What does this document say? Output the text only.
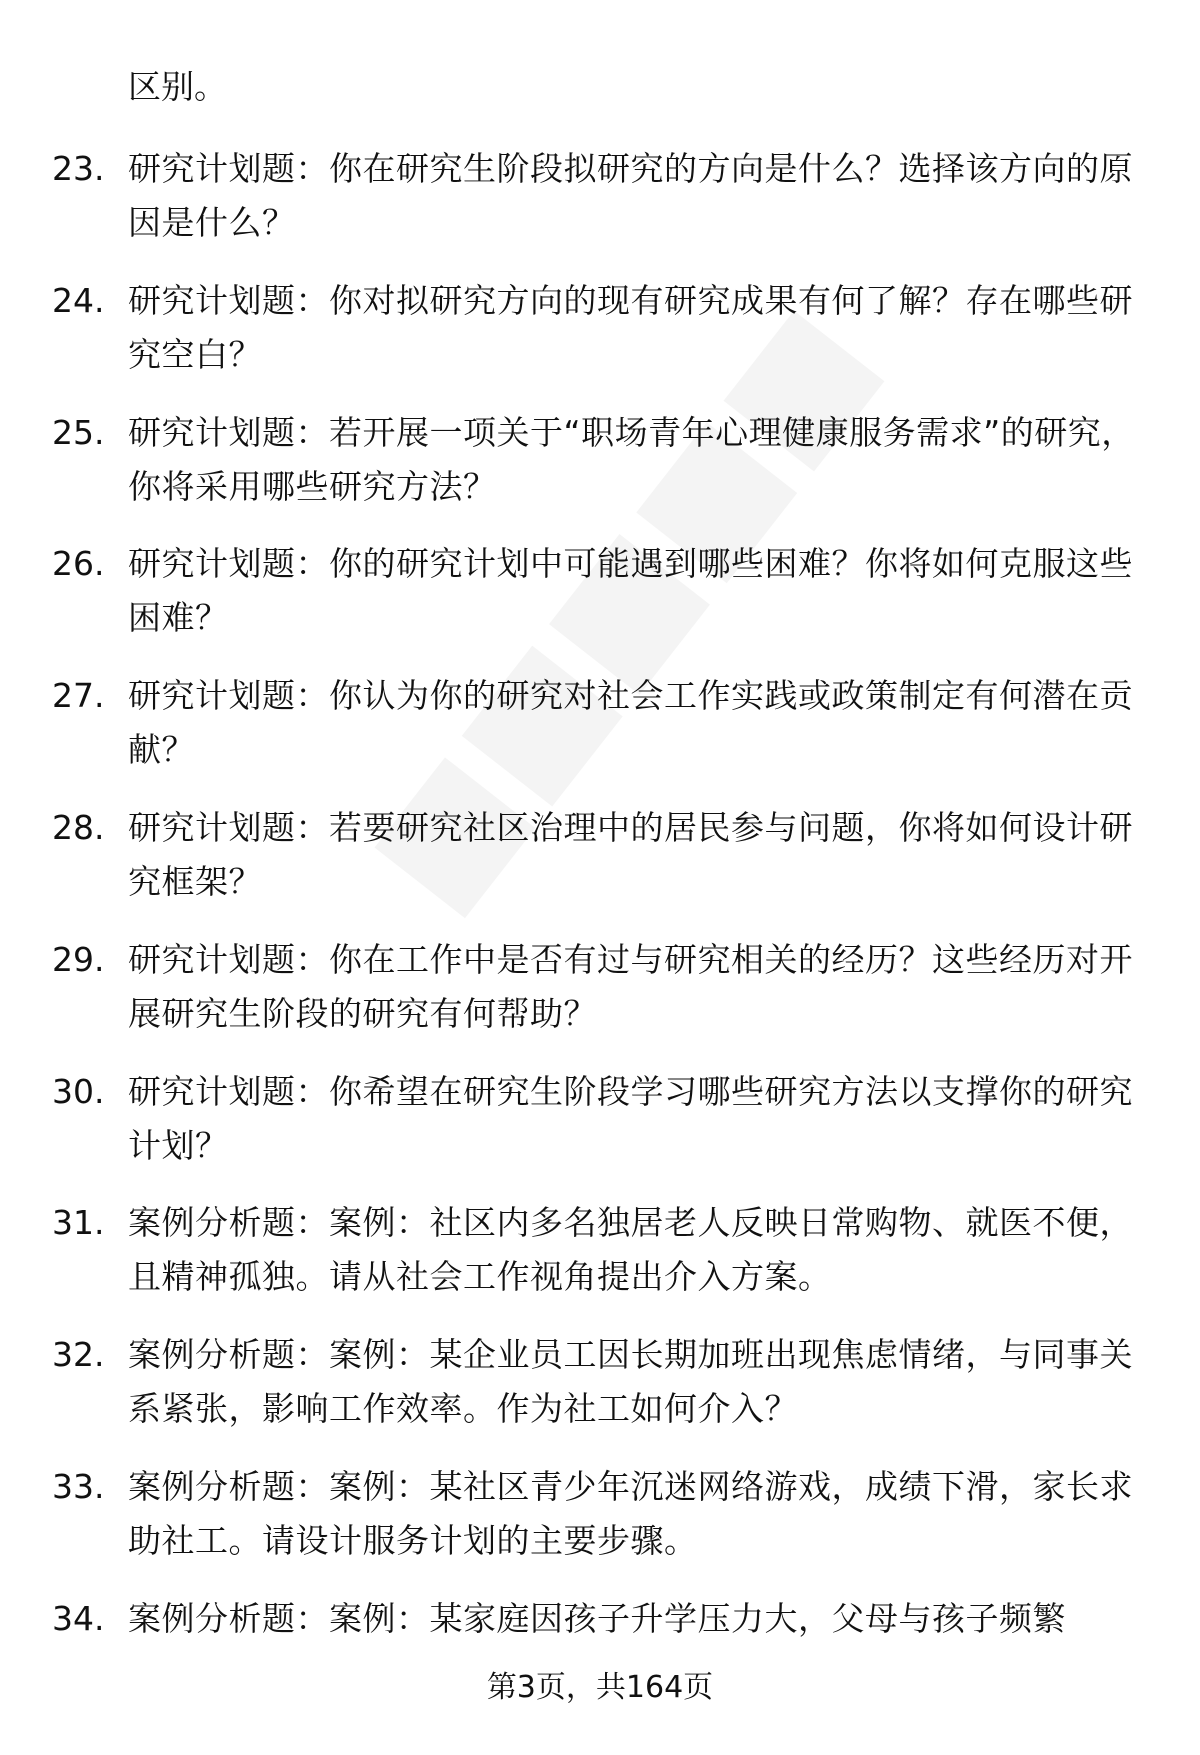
区别。
23. 研究计划题：你在研究生阶段拟研究的方向是什么？选择该方向的原因是什么？
24. 研究计划题：你对拟研究方向的现有研究成果有何了解？存在哪些研究空白？
25. 研究计划题：若开展一项关于“职场青年心理健康服务需求”的研究，你将采用哪些研究方法？
26. 研究计划题：你的研究计划中可能遇到哪些困难？你将如何克服这些困难？
27. 研究计划题：你认为你的研究对社会工作实践或政策制定有何潜在贡献？
28. 研究计划题：若要研究社区治理中的居民参与问题，你将如何设计研究框架？
29. 研究计划题：你在工作中是否有过与研究相关的经历？这些经历对开展研究生阶段的研究有何帮助？
30. 研究计划题：你希望在研究生阶段学习哪些研究方法以支撑你的研究计划？
31. 案例分析题：案例：社区内多名独居老人反映日常购物、就医不便，且精神孤独。请从社会工作视角提出介入方案。
32. 案例分析题：案例：某企业员工因长期加班出现焦虑情绪，与同事关系紧张，影响工作效率。作为社工如何介入？
33. 案例分析题：案例：某社区青少年沉迷网络游戏，成绩下滑，家长求助社工。请设计服务计划的主要步骤。
34. 案例分析题：案例：某家庭因孩子升学压力大，父母与孩子频繁
第3页，共164页
